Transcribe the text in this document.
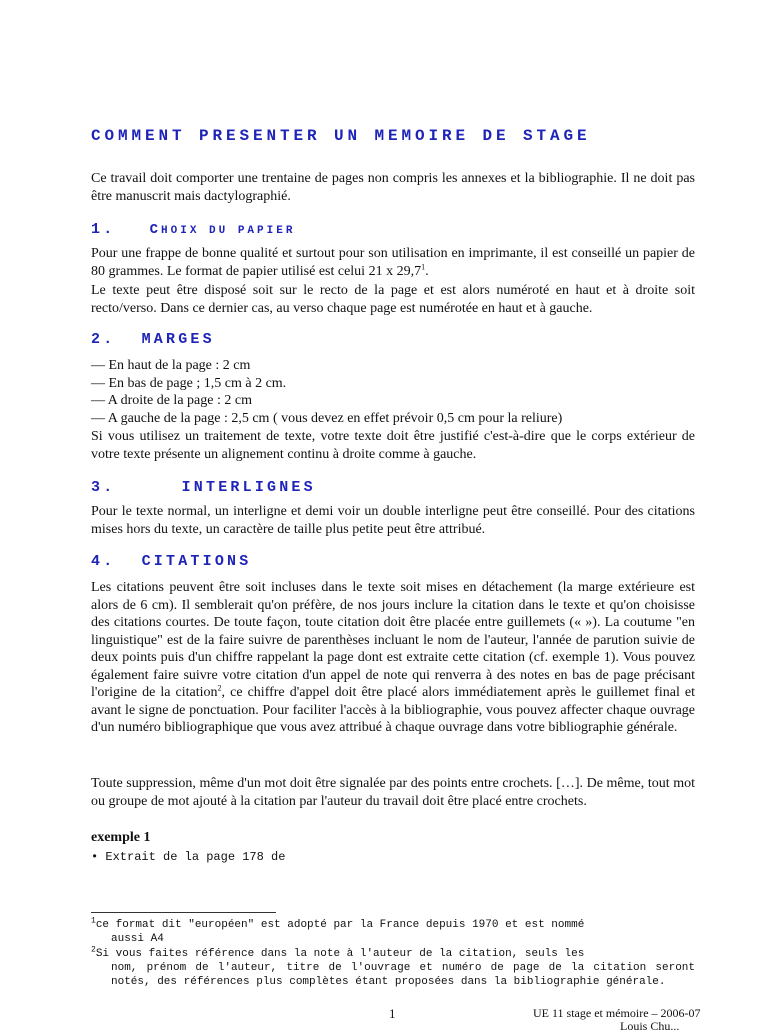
COMMENT PRESENTER UN MEMOIRE DE STAGE
Ce travail doit comporter une trentaine de pages non compris les annexes et la bibliographie. Il ne doit pas être manuscrit mais dactylographié.
1. CHOIX DU PAPIER
Pour une frappe de bonne qualité et surtout pour son utilisation en imprimante, il est conseillé un papier de 80 grammes. Le format de papier utilisé est celui 21 x 29,7$^1$.
Le texte peut être disposé soit sur le recto de la page et est alors numéroté en haut et à droite soit recto/verso. Dans ce dernier cas, au verso chaque page est numérotée en haut et à gauche.
2. MARGES
— En haut de la page : 2 cm
— En bas de page ; 1,5 cm à 2 cm.
— A droite de la page : 2 cm
— A gauche de la page : 2,5 cm ( vous devez en effet prévoir 0,5 cm pour la reliure)
Si vous utilisez un traitement de texte, votre texte doit être justifié c'est-à-dire que le corps extérieur de votre texte présente un alignement continu à droite comme à gauche.
3.	INTERLIGNES
Pour le texte normal, un interligne et demi voir un double interligne peut être conseillé. Pour des citations mises hors du texte, un caractère de taille plus petite peut être attribué.
4. CITATIONS
Les citations peuvent être soit incluses dans le texte soit mises en détachement (la marge extérieure est alors de 6 cm). Il semblerait qu'on préfère, de nos jours inclure la citation dans le texte et qu'on choisisse des citations courtes. De toute façon, toute citation doit être placée entre guillemets (« »). La coutume "en linguistique" est de la faire suivre de parenthèses incluant le nom de l'auteur, l'année de parution suivie de deux points puis d'un chiffre rappelant la page dont est extraite cette citation (cf. exemple 1). Vous pouvez également faire suivre votre citation d'un appel de note qui renverra à des notes en bas de page précisant l'origine de la citation$^2$, ce chiffre d'appel doit être placé alors immédiatement après le guillemet final et avant le signe de ponctuation. Pour faciliter l'accès à la bibliographie, vous pouvez affecter chaque ouvrage d'un numéro bibliographique que vous avez attribué à chaque ouvrage dans votre bibliographie générale.
Toute suppression, même d'un mot doit être signalée par des points entre crochets. […]. De même, tout mot ou groupe de mot ajouté à la citation par l'auteur du travail doit être placé entre crochets.
exemple 1
• Extrait de la page 178 de
$^1$ce format dit "européen" est adopté par la France depuis 1970 et est nommé
aussi A4
$^2$Si vous faites référence dans la note à l'auteur de la citation, seuls les
nom, prénom de l'auteur, titre de l'ouvrage et numéro de page de la citation seront notés, des références plus complètes étant proposées dans la bibliographie générale.
1	UE 11 stage et mémoire – 2006-07
Louis Chu...
